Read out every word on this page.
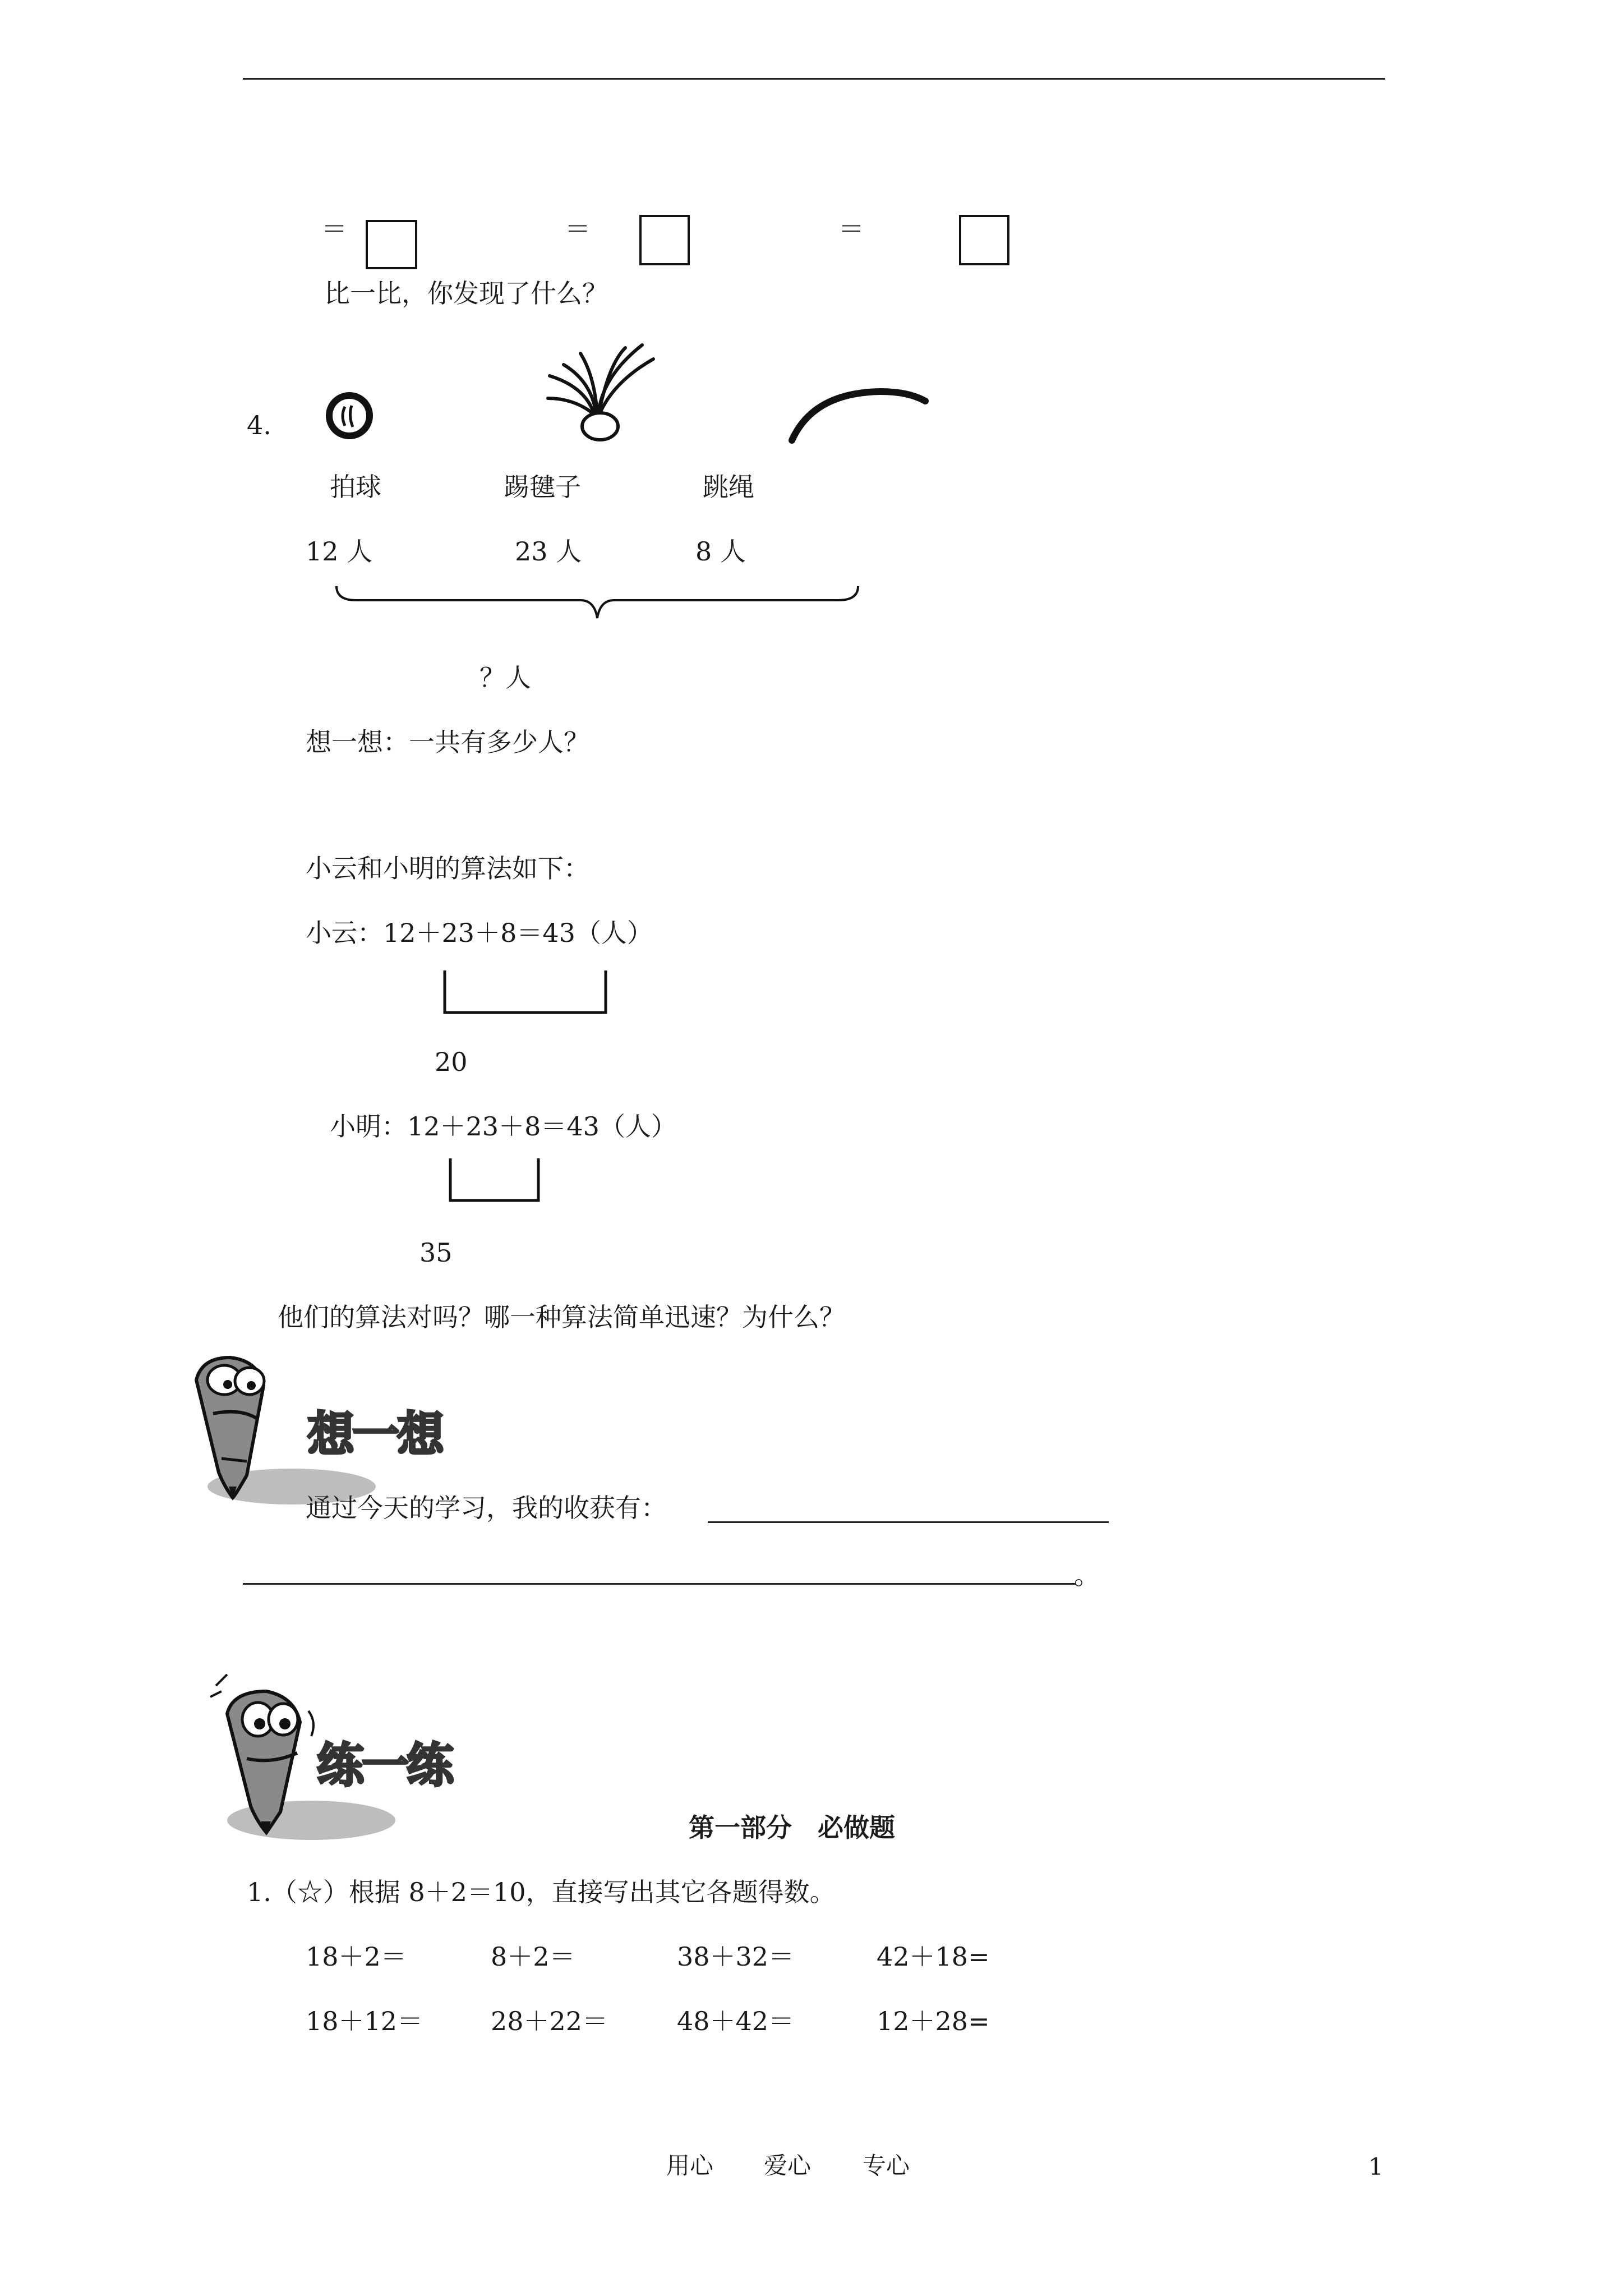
＝	＝	＝
比一比，你发现了什么？
4.
拍球	踢毽子	跳绳
12 人	23 人	8 人
？人
想一想：一共有多少人？
小云和小明的算法如下：
小云：12＋23＋8＝43（人）
20
小明：12＋23＋8＝43（人）
35
他们的算法对吗？哪一种算法简单迅速？为什么？
想一想
通过今天的学习，我的收获有：
。
练一练
第一部分　必做题
1.（☆）根据 8＋2＝10，直接写出其它各题得数。
18＋2＝	8＋2＝	38＋32＝	42＋18=
18＋12＝	28＋22＝	48＋42＝	12＋28=
用心 爱心 专心	1
